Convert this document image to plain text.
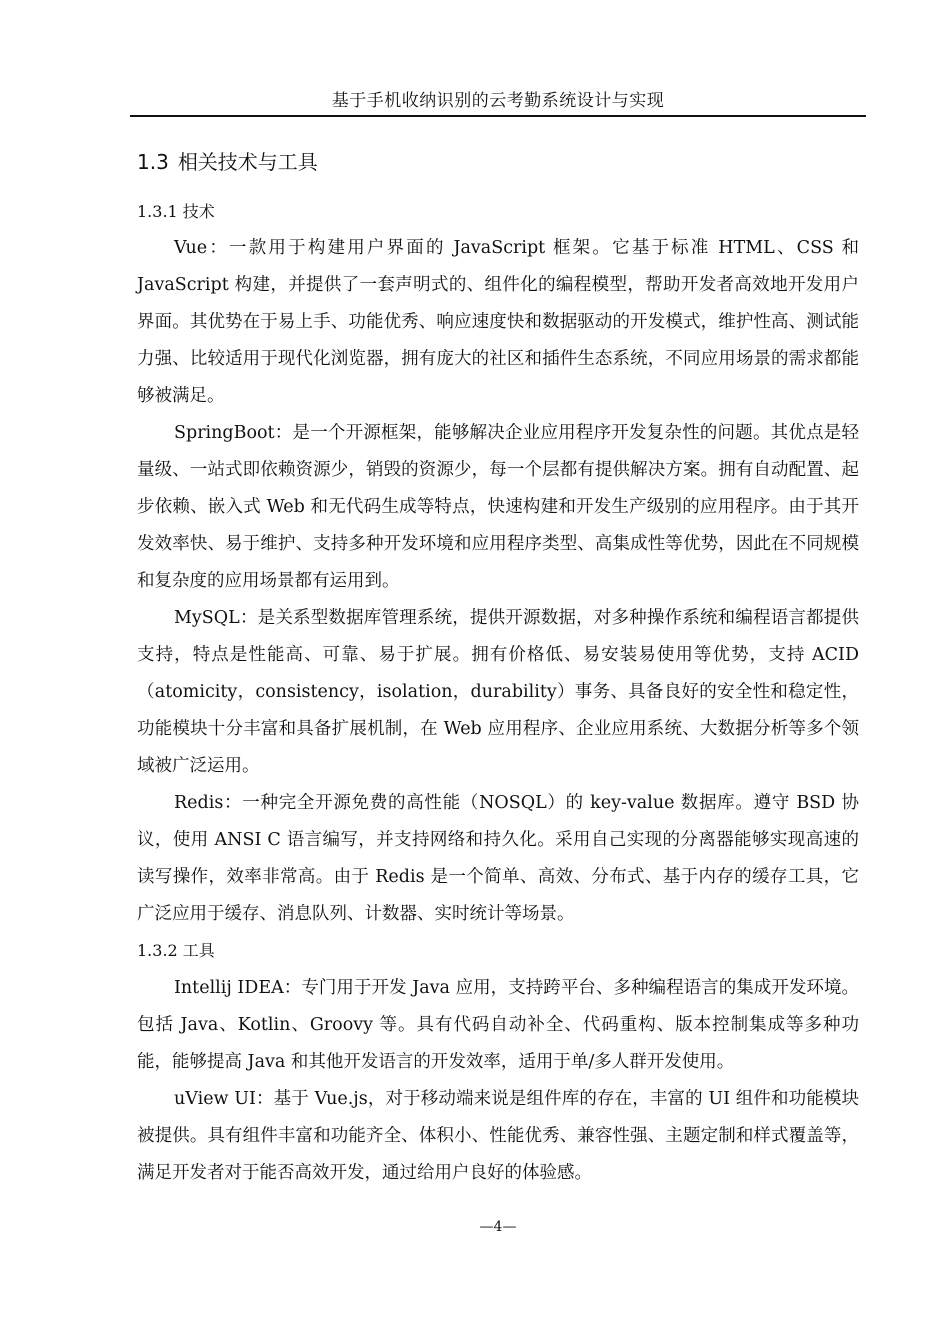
基于手机收纳识别的云考勤系统设计与实现
1.3 相关技术与工具
1.3.1 技术

Vue：一款用于构建用户界面的 JavaScript 框架。它基于标准 HTML、CSS 和 JavaScript 构建，并提供了一套声明式的、组件化的编程模型，帮助开发者高效地开发用户界面。其优势在于易上手、功能优秀、响应速度快和数据驱动的开发模式，维护性高、测试能力强、比较适用于现代化浏览器，拥有庞大的社区和插件生态系统，不同应用场景的需求都能够被满足。

SpringBoot：是一个开源框架，能够解决企业应用程序开发复杂性的问题。其优点是轻量级、一站式即依赖资源少，销毁的资源少，每一个层都有提供解决方案。拥有自动配置、起步依赖、嵌入式 Web 和无代码生成等特点，快速构建和开发生产级别的应用程序。由于其开发效率快、易于维护、支持多种开发环境和应用程序类型、高集成性等优势，因此在不同规模和复杂度的应用场景都有运用到。

MySQL：是关系型数据库管理系统，提供开源数据，对多种操作系统和编程语言都提供支持，特点是性能高、可靠、易于扩展。拥有价格低、易安装易使用等优势，支持 ACID（atomicity，consistency，isolation，durability）事务、具备良好的安全性和稳定性，功能模块十分丰富和具备扩展机制，在 Web 应用程序、企业应用系统、大数据分析等多个领域被广泛运用。

Redis：一种完全开源免费的高性能（NOSQL）的 key-value 数据库。遵守 BSD 协议，使用 ANSI C 语言编写，并支持网络和持久化。采用自己实现的分离器能够实现高速的读写操作，效率非常高。由于 Redis 是一个简单、高效、分布式、基于内存的缓存工具，它广泛应用于缓存、消息队列、计数器、实时统计等场景。

1.3.2 工具

Intellij IDEA：专门用于开发 Java 应用，支持跨平台、多种编程语言的集成开发环境。包括 Java、Kotlin、Groovy 等。具有代码自动补全、代码重构、版本控制集成等多种功能，能够提高 Java 和其他开发语言的开发效率，适用于单/多人群开发使用。

uView UI：基于 Vue.js，对于移动端来说是组件库的存在，丰富的 UI 组件和功能模块被提供。具有组件丰富和功能齐全、体积小、性能优秀、兼容性强、主题定制和样式覆盖等，满足开发者对于能否高效开发，通过给用户良好的体验感。

—4—
